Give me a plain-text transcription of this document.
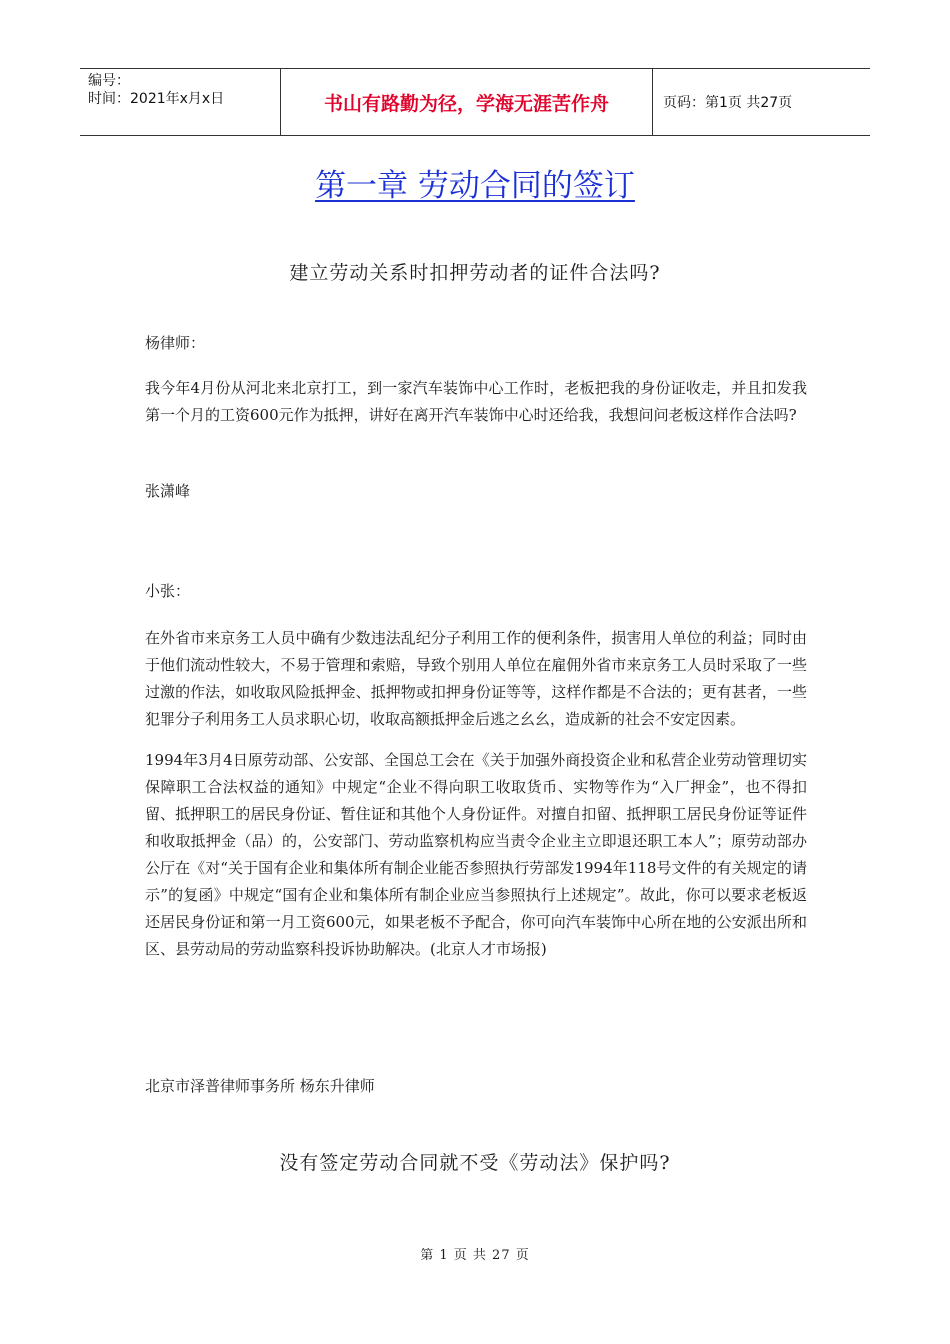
编号：
时间：2021年x月x日	书山有路勤为径，学海无涯苦作舟	页码：第1页 共27页
第一章 劳动合同的签订
建立劳动关系时扣押劳动者的证件合法吗?
杨律师：
我今年4月份从河北来北京打工，到一家汽车装饰中心工作时，老板把我的身份证收走，并且扣发我第一个月的工资600元作为抵押，讲好在离开汽车装饰中心时还给我，我想问问老板这样作合法吗?
张潇峰
小张：
在外省市来京务工人员中确有少数违法乱纪分子利用工作的便利条件，损害用人单位的利益；同时由于他们流动性较大，不易于管理和索赔，导致个别用人单位在雇佣外省市来京务工人员时采取了一些过激的作法，如收取风险抵押金、抵押物或扣押身份证等等，这样作都是不合法的；更有甚者，一些犯罪分子利用务工人员求职心切，收取高额抵押金后逃之幺幺，造成新的社会不安定因素。
1994年3月4日原劳动部、公安部、全国总工会在《关于加强外商投资企业和私营企业劳动管理切实保障职工合法权益的通知》中规定“企业不得向职工收取货币、实物等作为“入厂押金”，也不得扣留、抵押职工的居民身份证、暂住证和其他个人身份证件。对擅自扣留、抵押职工居民身份证等证件和收取抵押金（品）的，公安部门、劳动监察机构应当责令企业主立即退还职工本人”；原劳动部办公厅在《对“关于国有企业和集体所有制企业能否参照执行劳部发1994年118号文件的有关规定的请示”的复函》中规定“国有企业和集体所有制企业应当参照执行上述规定”。故此，你可以要求老板返还居民身份证和第一月工资600元，如果老板不予配合，你可向汽车装饰中心所在地的公安派出所和区、县劳动局的劳动监察科投诉协助解决。(北京人才市场报)
北京市泽普律师事务所 杨东升律师
没有签定劳动合同就不受《劳动法》保护吗?
第 1 页 共 27 页
